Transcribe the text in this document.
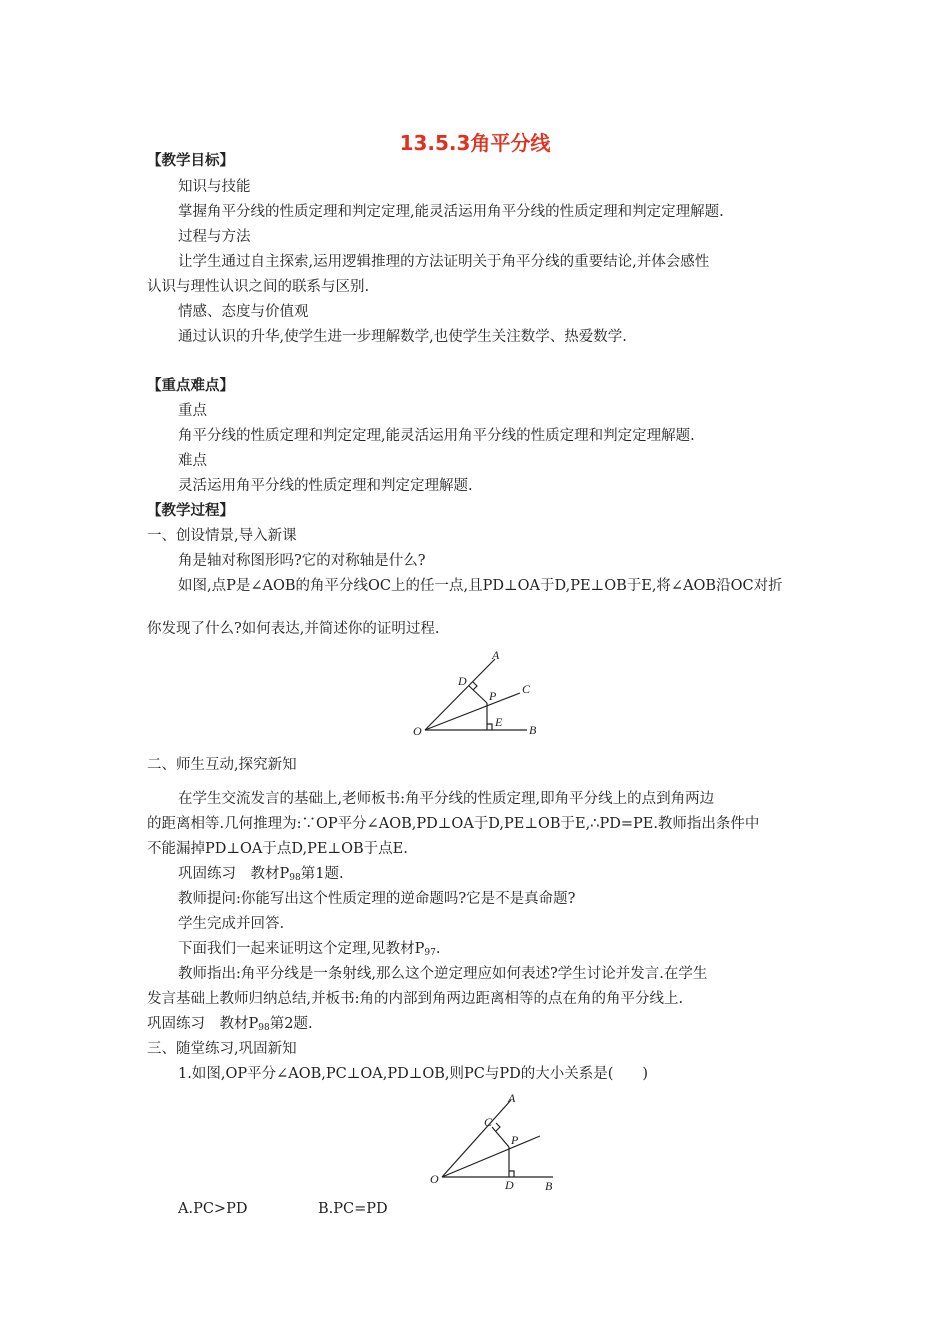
13.5.3角平分线
【教学目标】
知识与技能
掌握角平分线的性质定理和判定定理,能灵活运用角平分线的性质定理和判定定理解题.
过程与方法
让学生通过自主探索,运用逻辑推理的方法证明关于角平分线的重要结论,并体会感性
认识与理性认识之间的联系与区别.
情感、态度与价值观
通过认识的升华,使学生进一步理解数学,也使学生关注数学、热爱数学.
【重点难点】
重点
角平分线的性质定理和判定定理,能灵活运用角平分线的性质定理和判定定理解题.
难点
灵活运用角平分线的性质定理和判定定理解题.
【教学过程】
一、创设情景,导入新课
角是轴对称图形吗?它的对称轴是什么?
如图,点P是∠AOB的角平分线OC上的任一点,且PD⊥OA于D,PE⊥OB于E,将∠AOB沿OC对折
你发现了什么?如何表达,并简述你的证明过程.
A
D
P C
E
O	B
二、师生互动,探究新知
在学生交流发言的基础上,老师板书:角平分线的性质定理,即角平分线上的点到角两边
的距离相等.几何推理为:∵OP平分∠AOB,PD⊥OA于D,PE⊥OB于E,∴PD=PE.教师指出条件中
不能漏掉PD⊥OA于点D,PE⊥OB于点E.
巩固练习　教材$P_{98}$第1题.
教师提问:你能写出这个性质定理的逆命题吗?它是不是真命题?
学生完成并回答.
下面我们一起来证明这个定理,见教材$P_{97}$.
教师指出:角平分线是一条射线,那么这个逆定理应如何表述?学生讨论并发言.在学生
发言基础上教师归纳总结,并板书:角的内部到角两边距离相等的点在角的角平分线上.
巩固练习　教材$P_{98}$第2题.
三、随堂练习,巩固新知
1.如图,OP平分∠AOB,PC⊥OA,PD⊥OB,则PC与PD的大小关系是(　　)
A
C
P
O	D	B
A.PC>PD	B.PC=PD
